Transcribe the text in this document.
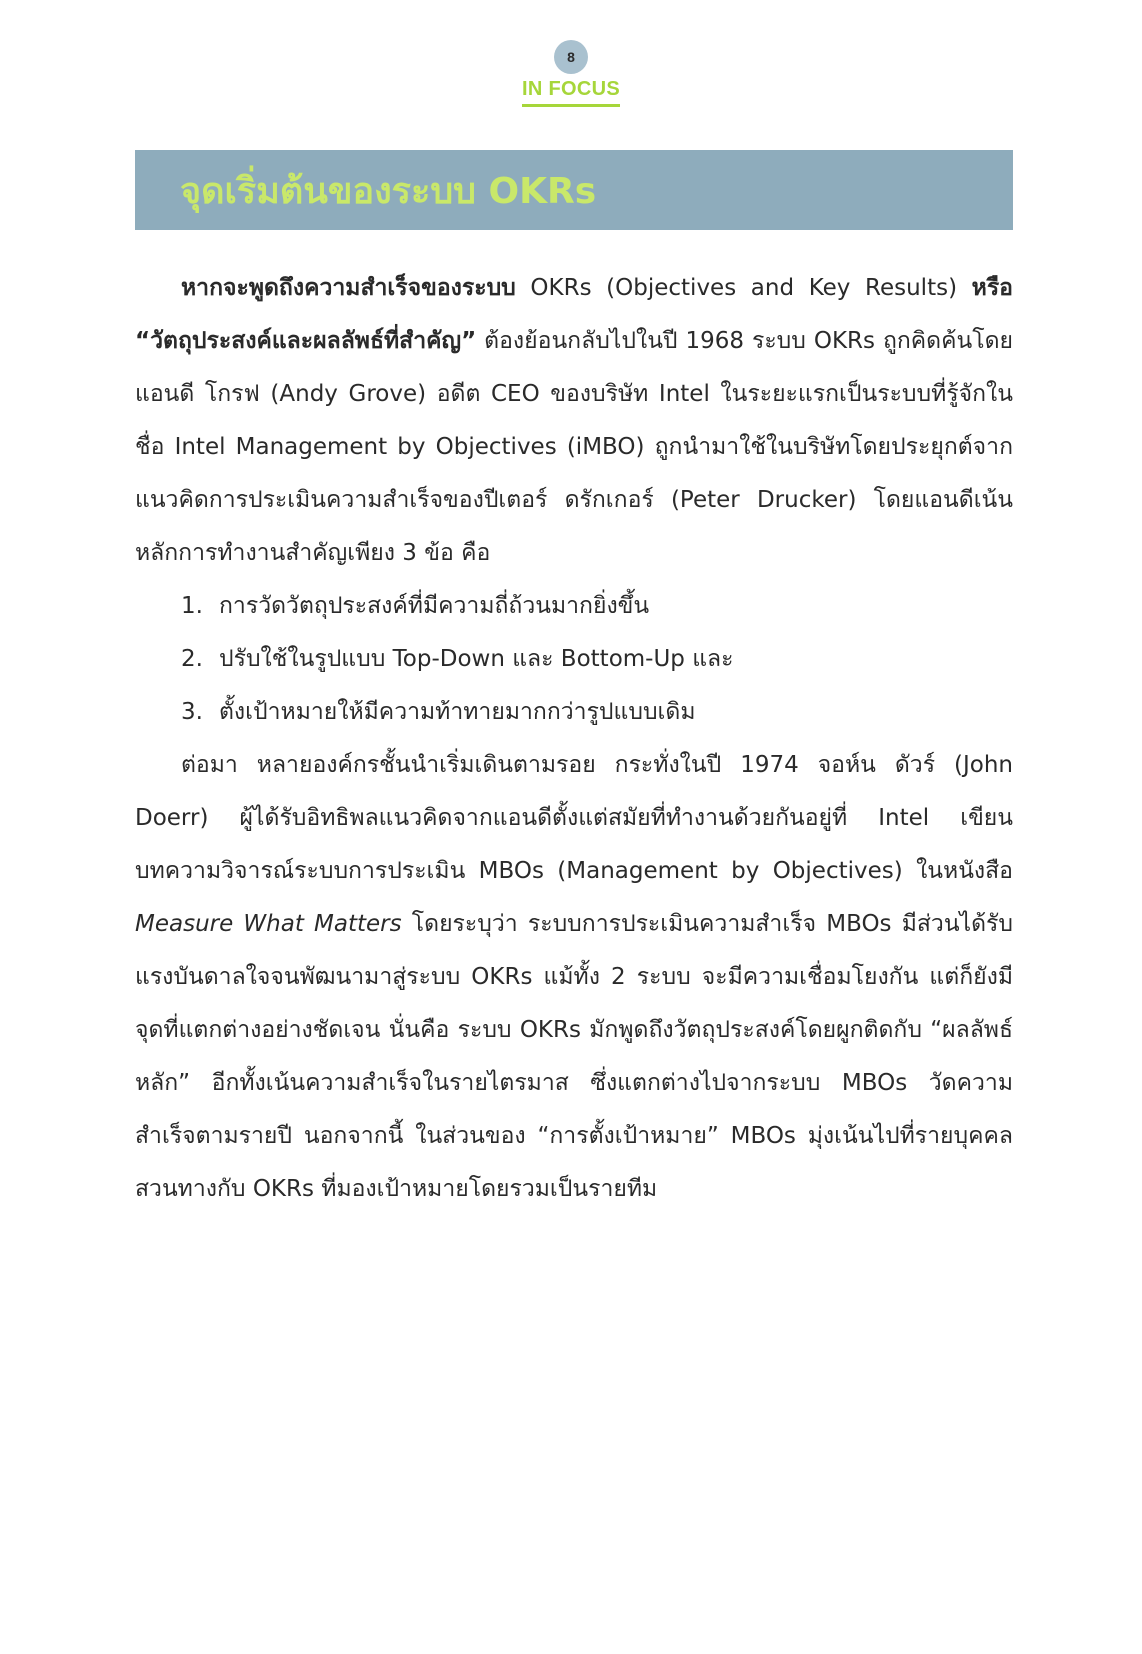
8
IN FOCUS
จุดเริ่มต้นของระบบ OKRs

หากจะพูดถึงความสำเร็จของระบบ OKRs (Objectives and Key Results) หรือ “วัตถุประสงค์และผลลัพธ์ที่สำคัญ” ต้องย้อนกลับไปในปี 1968 ระบบ OKRs ถูกคิดค้นโดยแอนดี โกรฟ (Andy Grove) อดีต CEO ของบริษัท Intel ในระยะแรกเป็นระบบที่รู้จักในชื่อ Intel Management by Objectives (iMBO) ถูกนำมาใช้ในบริษัทโดยประยุกต์จากแนวคิดการประเมินความสำเร็จของปีเตอร์ ดรักเกอร์ (Peter Drucker) โดยแอนดีเน้นหลักการทำงานสำคัญเพียง 3 ข้อ คือ

1. การวัดวัตถุประสงค์ที่มีความถี่ถ้วนมากยิ่งขึ้น
2. ปรับใช้ในรูปแบบ Top-Down และ Bottom-Up และ
3. ตั้งเป้าหมายให้มีความท้าทายมากกว่ารูปแบบเดิม

ต่อมา หลายองค์กรชั้นนำเริ่มเดินตามรอย กระทั่งในปี 1974 จอห์น ดัวร์ (John Doerr) ผู้ได้รับอิทธิพลแนวคิดจากแอนดีตั้งแต่สมัยที่ทำงานด้วยกันอยู่ที่ Intel เขียนบทความวิจารณ์ระบบการประเมิน MBOs (Management by Objectives) ในหนังสือ Measure What Matters โดยระบุว่า ระบบการประเมินความสำเร็จ MBOs มีส่วนได้รับแรงบันดาลใจจนพัฒนามาสู่ระบบ OKRs แม้ทั้ง 2 ระบบ จะมีความเชื่อมโยงกัน แต่ก็ยังมีจุดที่แตกต่างอย่างชัดเจน นั่นคือ ระบบ OKRs มักพูดถึงวัตถุประสงค์โดยผูกติดกับ “ผลลัพธ์หลัก” อีกทั้งเน้นความสำเร็จในรายไตรมาส ซึ่งแตกต่างไปจากระบบ MBOs วัดความสำเร็จตามรายปี นอกจากนี้ ในส่วนของ “การตั้งเป้าหมาย” MBOs มุ่งเน้นไปที่รายบุคคล สวนทางกับ OKRs ที่มองเป้าหมายโดยรวมเป็นรายทีม
